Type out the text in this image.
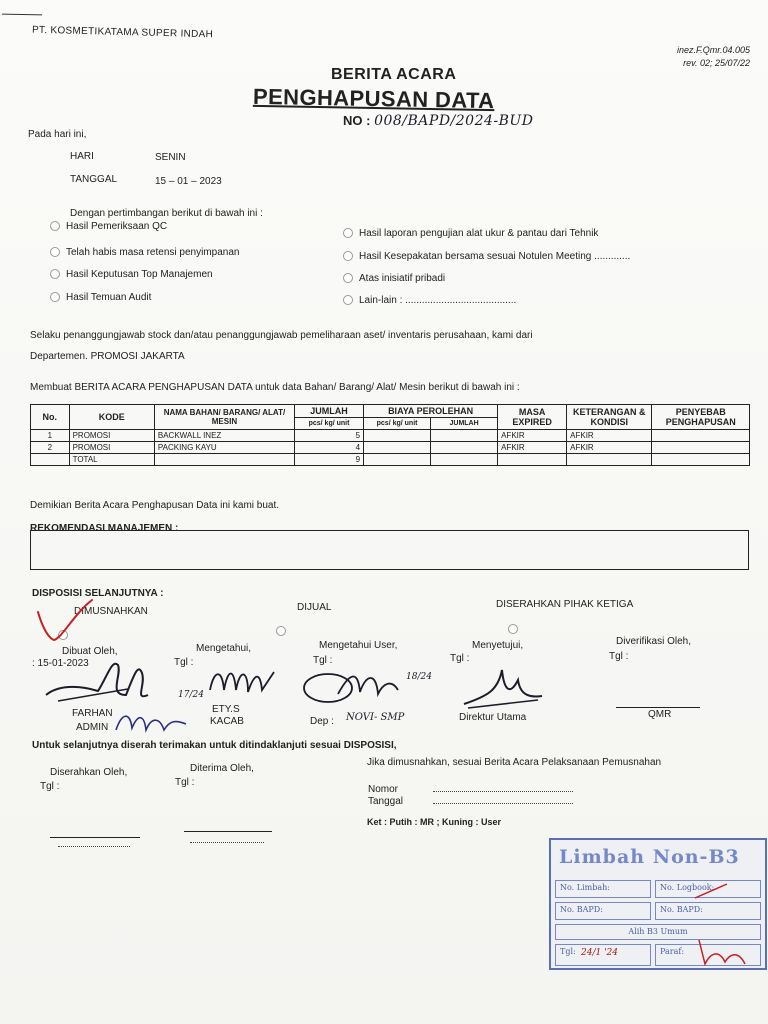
PT. KOSMETIKATAMA SUPER INDAH
inez.F.Qmr.04.005
rev. 02; 25/07/22
BERITA ACARA
PENGHAPUSAN DATA
NO : 008/BAPD/2024-BUD
Pada hari ini,
HARI	SENIN
TANGGAL	15 – 01 – 2023
Dengan pertimbangan berikut di bawah ini :
Hasil Pemeriksaan QC
Telah habis masa retensi penyimpanan
Hasil Keputusan Top Manajemen
Hasil Temuan Audit
Hasil laporan pengujian alat ukur & pantau dari Tehnik
Hasil Kesepakatan bersama sesuai Notulen Meeting .............
Atas inisiatif pribadi
Lain-lain : ........................................
Selaku penanggungjawab stock dan/atau penanggungjawab pemeliharaan aset/ inventaris perusahaan, kami dari
Departemen. PROMOSI JAKARTA
Membuat BERITA ACARA PENGHAPUSAN DATA untuk data Bahan/ Barang/ Alat/ Mesin berikut di bawah ini :
No.	KODE	NAMA BAHAN/ BARANG/ ALAT/ MESIN	JUMLAH	BIAYA PEROLEHAN		MASA EXPIRED	KETERANGAN & KONDISI	PENYEBAB PENGHAPUSAN
			pcs/ kg/ unit	pcs/ kg/ unit	JUMLAH			
1	PROMOSI	BACKWALL INEZ	5			AFKIR	AFKIR	
2	PROMOSI	PACKING KAYU	4			AFKIR	AFKIR	
	TOTAL		9					
Demikian Berita Acara Penghapusan Data ini kami buat.
REKOMENDASI MANAJEMEN :
DISPOSISI SELANJUTNYA :
DIMUSNAHKAN	DIJUAL	DISERAHKAN PIHAK KETIGA
Dibuat Oleh,
: 15-01-2023
Mengetahui,
Tgl :
Mengetahui User,
Tgl :
Menyetujui,
Tgl :
Diverifikasi Oleh,
Tgl :
17/24
18/24
FARHAN
ADMIN
ETY.S
KACAB	Dep : NOVI- SMP	Direktur Utama	QMR
Untuk selanjutnya diserah terimakan untuk ditindaklanjuti sesuai DISPOSISI,
Diserahkan Oleh,
Tgl :
Diterima Oleh,
Tgl :
Jika dimusnahkan, sesuai Berita Acara Pelaksanaan Pemusnahan
Nomor
Tanggal
Ket : Putih : MR ; Kuning : User
Limbah Non-B3
No. Limbah:	No. Logbook:
No. BAPD:	No. BAPD:
Alih B3 Umum
Tgl:	Paraf:
24/1 '24
